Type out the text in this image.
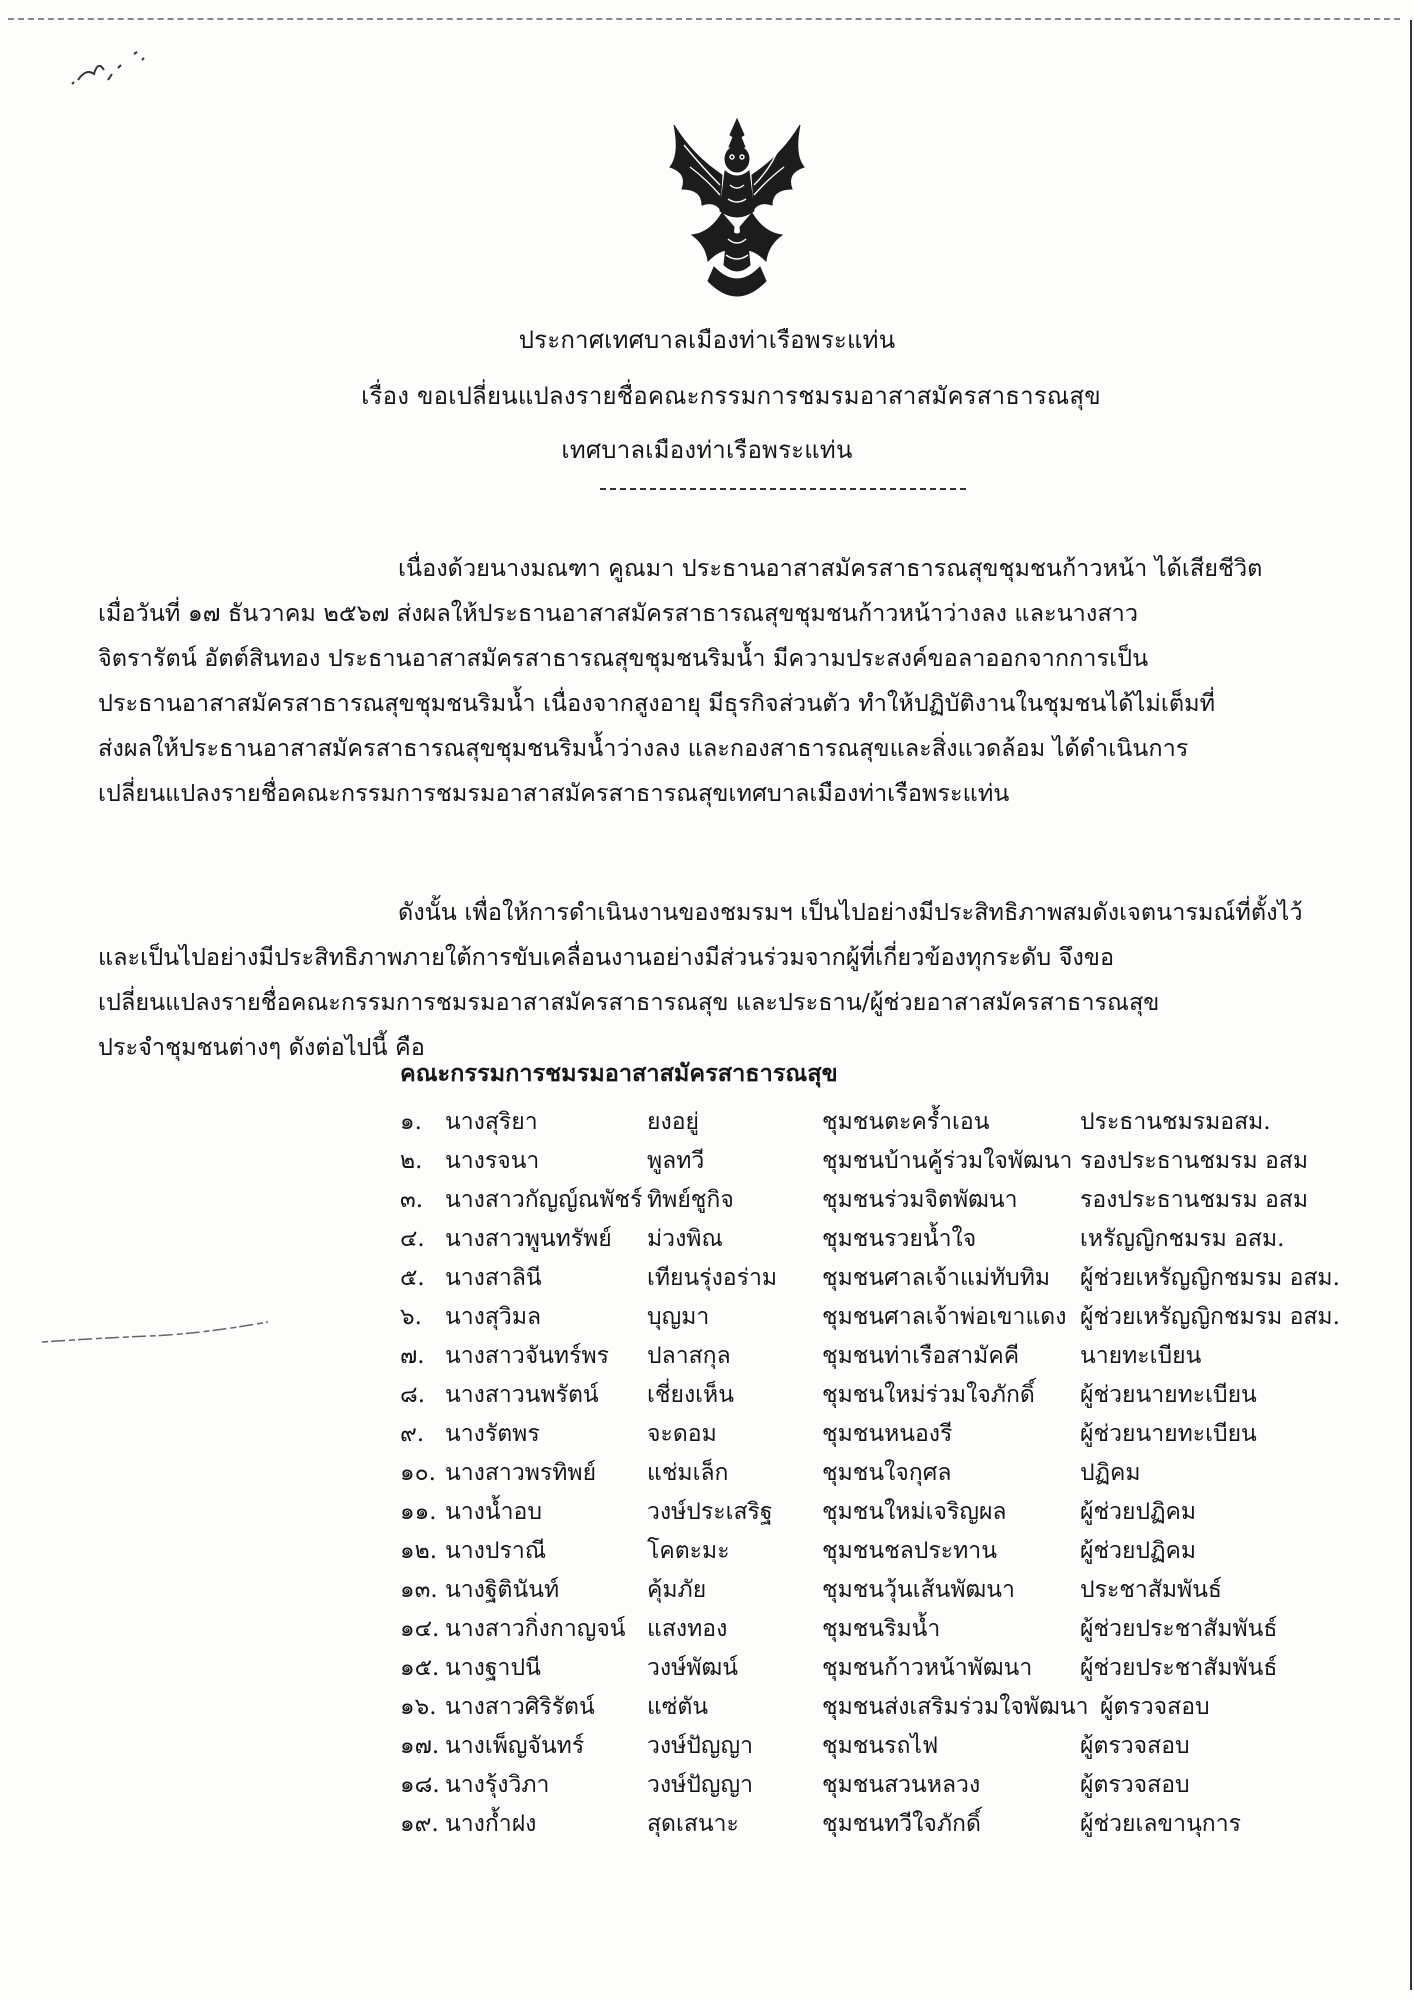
ประกาศเทศบาลเมืองท่าเรือพระแท่น
เรื่อง ขอเปลี่ยนแปลงรายชื่อคณะกรรมการชมรมอาสาสมัครสาธารณสุข
เทศบาลเมืองท่าเรือพระแท่น
เนื่องด้วยนางมณฑา คูณมา ประธานอาสาสมัครสาธารณสุขชุมชนก้าวหน้า ได้เสียชีวิต
เมื่อวันที่ ๑๗ ธันวาคม ๒๕๖๗ ส่งผลให้ประธานอาสาสมัครสาธารณสุขชุมชนก้าวหน้าว่างลง และนางสาว
จิตรารัตน์ อัตต์สินทอง ประธานอาสาสมัครสาธารณสุขชุมชนริมน้ำ มีความประสงค์ขอลาออกจากการเป็น
ประธานอาสาสมัครสาธารณสุขชุมชนริมน้ำ เนื่องจากสูงอายุ มีธุรกิจส่วนตัว ทำให้ปฏิบัติงานในชุมชนได้ไม่เต็มที่
ส่งผลให้ประธานอาสาสมัครสาธารณสุขชุมชนริมน้ำว่างลง และกองสาธารณสุขและสิ่งแวดล้อม ได้ดำเนินการ
เปลี่ยนแปลงรายชื่อคณะกรรมการชมรมอาสาสมัครสาธารณสุขเทศบาลเมืองท่าเรือพระแท่น
ดังนั้น เพื่อให้การดำเนินงานของชมรมฯ เป็นไปอย่างมีประสิทธิภาพสมดังเจตนารมณ์ที่ตั้งไว้
และเป็นไปอย่างมีประสิทธิภาพภายใต้การขับเคลื่อนงานอย่างมีส่วนร่วมจากผู้ที่เกี่ยวข้องทุกระดับ จึงขอ
เปลี่ยนแปลงรายชื่อคณะกรรมการชมรมอาสาสมัครสาธารณสุข และประธาน/ผู้ช่วยอาสาสมัครสาธารณสุข
ประจำชุมชนต่างๆ ดังต่อไปนี้ คือ
คณะกรรมการชมรมอาสาสมัครสาธารณสุข
๑. นางสุริยา	ยงอยู่	ชุมชนตะคร้ำเอน	ประธานชมรมอสม.
๒. นางรจนา	พูลทวี	ชุมชนบ้านคู้ร่วมใจพัฒนา รองประธานชมรม อสม
๓. นางสาวกัญญ์ณพัชร์ ทิพย์ชูกิจ	ชุมชนร่วมจิตพัฒนา	รองประธานชมรม อสม
๔. นางสาวพูนทรัพย์ ม่วงพิณ	ชุมชนรวยน้ำใจ	เหรัญญิกชมรม อสม.
๕. นางสาลินี	เทียนรุ่งอร่าม ชุมชนศาลเจ้าแม่ทับทิม ผู้ช่วยเหรัญญิกชมรม อสม.
๖. นางสุวิมล	บุญมา	ชุมชนศาลเจ้าพ่อเขาแดง ผู้ช่วยเหรัญญิกชมรม อสม.
๗. นางสาวจันทร์พร ปลาสกุล	ชุมชนท่าเรือสามัคคี	นายทะเบียน
๘. นางสาวนพรัตน์ เชี่ยงเห็น	ชุมชนใหม่ร่วมใจภักดิ์ ผู้ช่วยนายทะเบียน
๙. นางรัตพร	จะดอม	ชุมชนหนองรี	ผู้ช่วยนายทะเบียน
๑๐. นางสาวพรทิพย์ แช่มเล็ก	ชุมชนใจกุศล	ปฏิคม
๑๑. นางน้ำอบ	วงษ์ประเสริฐ ชุมชนใหม่เจริญผล	ผู้ช่วยปฏิคม
๑๒. นางปราณี	โคตะมะ	ชุมชนชลประทาน	ผู้ช่วยปฏิคม
๑๓. นางฐิตินันท์	คุ้มภัย	ชุมชนวุ้นเส้นพัฒนา	ประชาสัมพันธ์
๑๔. นางสาวกิ่งกาญจน์ แสงทอง	ชุมชนริมน้ำ	ผู้ช่วยประชาสัมพันธ์
๑๕. นางฐาปนี	วงษ์พัฒน์	ชุมชนก้าวหน้าพัฒนา ผู้ช่วยประชาสัมพันธ์
๑๖. นางสาวศิริรัตน์ แซ่ตัน	ชุมชนส่งเสริมร่วมใจพัฒนา ผู้ตรวจสอบ
๑๗. นางเพ็ญจันทร์	วงษ์ปัญญา	ชุมชนรถไฟ	ผู้ตรวจสอบ
๑๘. นางรุ้งวิภา	วงษ์ปัญญา	ชุมชนสวนหลวง	ผู้ตรวจสอบ
๑๙. นางก้ำฝง	สุดเสนาะ	ชุมชนทวีใจภักดิ์	ผู้ช่วยเลขานุการ
